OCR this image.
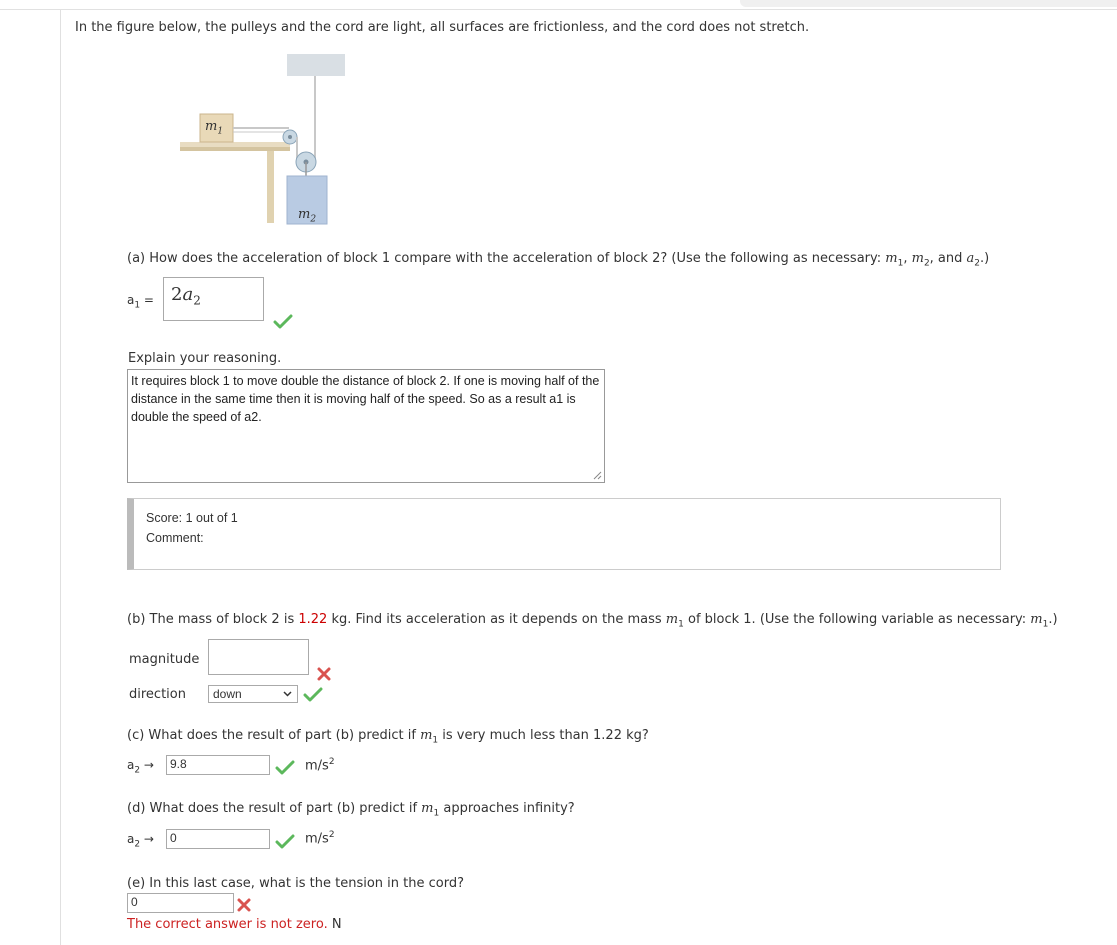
In the figure below, the pulleys and the cord are light, all surfaces are frictionless, and the cord does not stretch.
$m_1$
$m_2$
(a) How does the acceleration of block 1 compare with the acceleration of block 2? (Use the following as necessary: $m_1$, $m_2$, and $a_2$.)
$a_1 = 2a_2$
Explain your reasoning.
It requires block 1 to move double the distance of block 2. If one is moving half of the distance in the same time then it is moving half of the speed. So as a result a1 is double the speed of a2.
Score: 1 out of 1
Comment:
(b) The mass of block 2 is 1.22 kg. Find its acceleration as it depends on the mass $m_1$ of block 1. (Use the following variable as necessary: $m_1$.)
magnitude
direction	down
(c) What does the result of part (b) predict if $m_1$ is very much less than 1.22 kg?
$a_2$ →	9.8	$m/s^2$
(d) What does the result of part (b) predict if $m_1$ approaches infinity?
$a_2$ →	0	$m/s^2$
(e) In this last case, what is the tension in the cord?
0
The correct answer is not zero. N
